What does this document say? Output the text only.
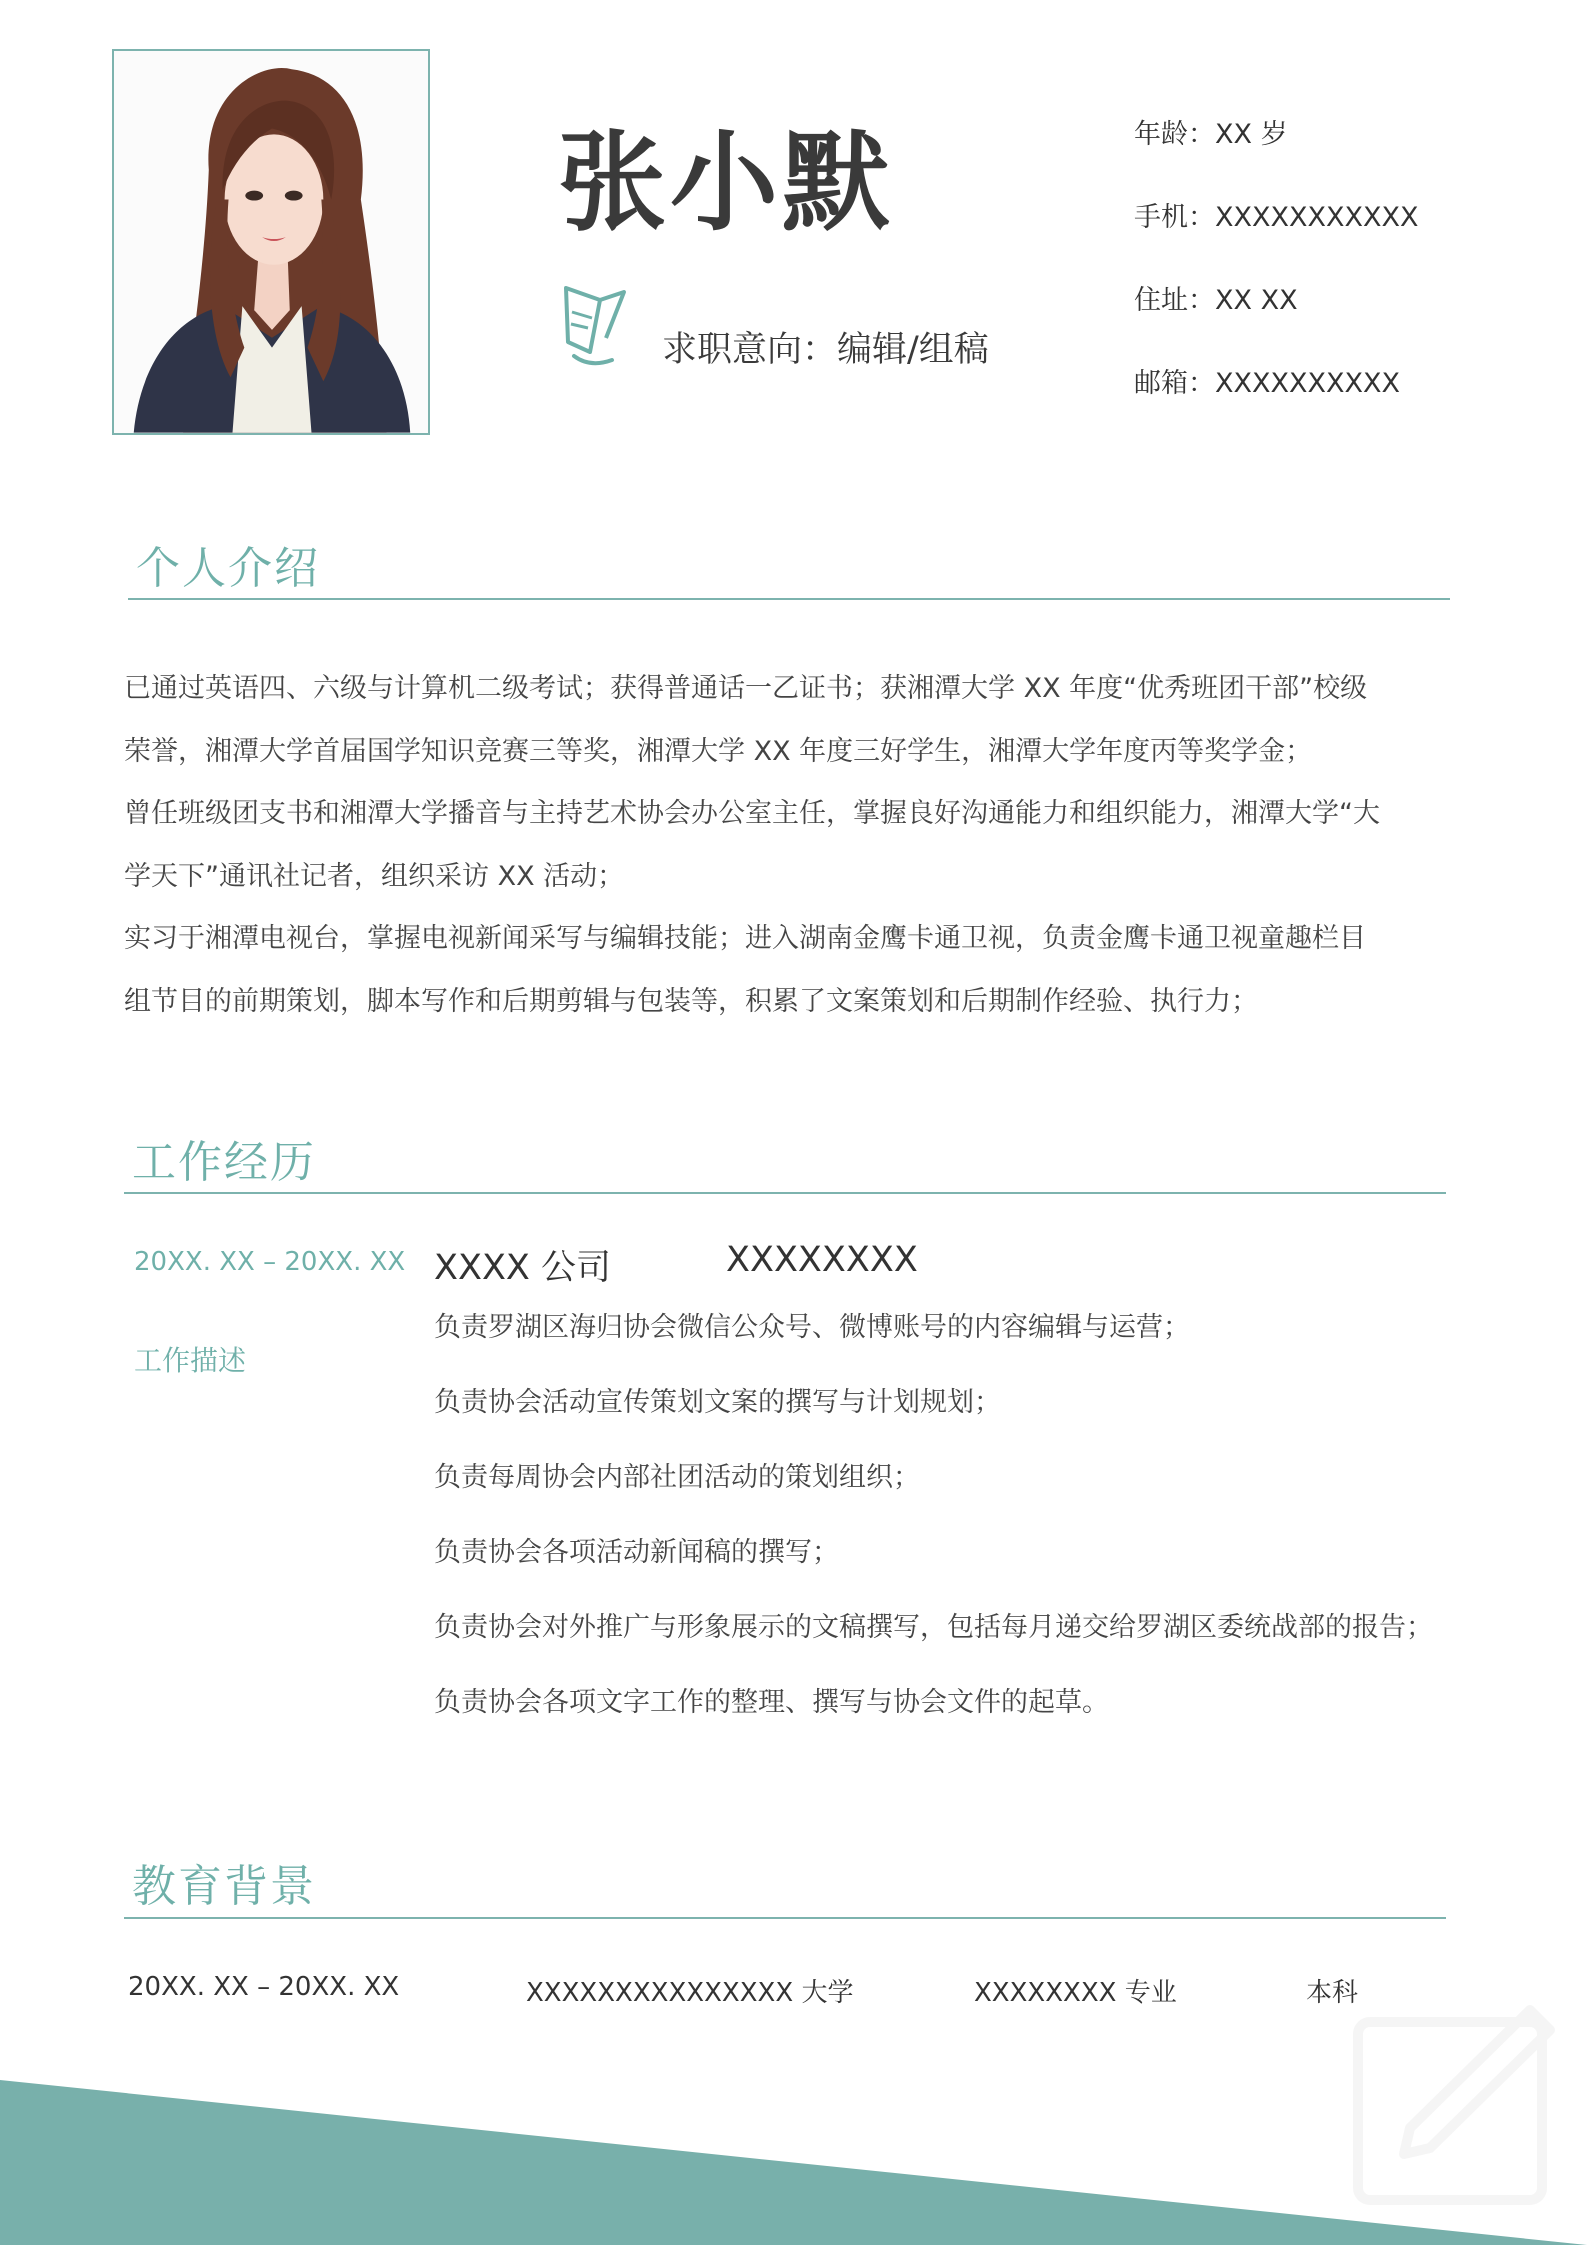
张小默
求职意向：编辑/组稿
年龄：XX 岁
手机：XXXXXXXXXXX
住址：XX XX
邮箱：XXXXXXXXXX
个人介绍

已通过英语四、六级与计算机二级考试；获得普通话一乙证书；获湘潭大学 XX 年度“优秀班团干部”校级

荣誉，湘潭大学首届国学知识竞赛三等奖，湘潭大学 XX 年度三好学生，湘潭大学年度丙等奖学金；

曾任班级团支书和湘潭大学播音与主持艺术协会办公室主任，掌握良好沟通能力和组织能力，湘潭大学“大

学天下”通讯社记者，组织采访 XX 活动；

实习于湘潭电视台，掌握电视新闻采写与编辑技能；进入湖南金鹰卡通卫视，负责金鹰卡通卫视童趣栏目

组节目的前期策划，脚本写作和后期剪辑与包装等，积累了文案策划和后期制作经验、执行力；

工作经历
20XX. XX – 20XX. XX
工作描述
XXXX 公司	XXXXXXXX
负责罗湖区海归协会微信公众号、微博账号的内容编辑与运营；
负责协会活动宣传策划文案的撰写与计划规划；
负责每周协会内部社团活动的策划组织；
负责协会各项活动新闻稿的撰写；
负责协会对外推广与形象展示的文稿撰写，包括每月递交给罗湖区委统战部的报告；
负责协会各项文字工作的整理、撰写与协会文件的起草。
教育背景
20XX. XX – 20XX. XX	XXXXXXXXXXXXXXX 大学	XXXXXXXX 专业	本科
